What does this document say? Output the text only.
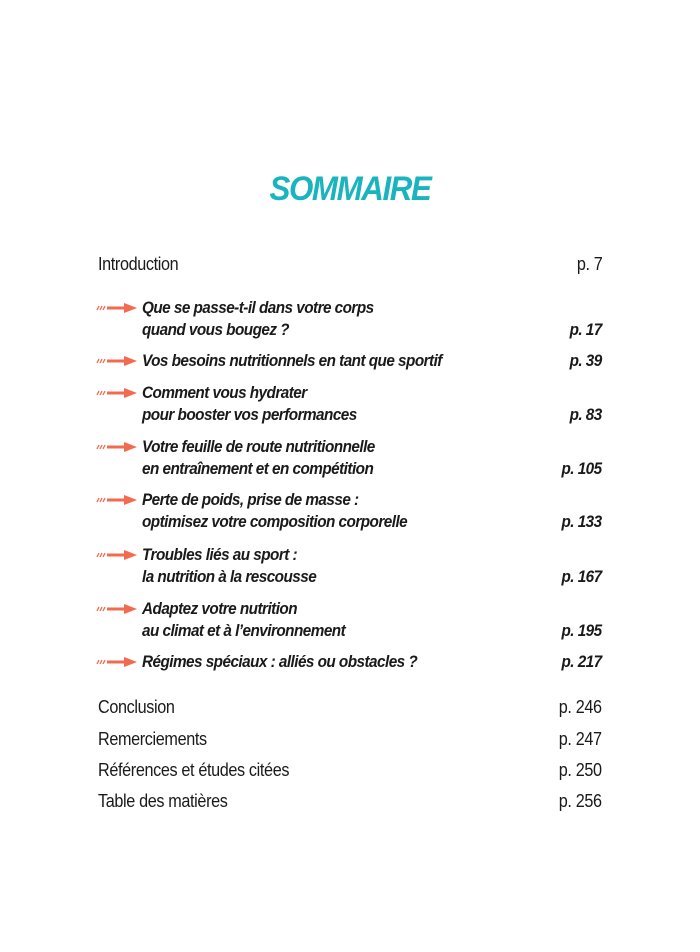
SOMMAIRE
Introduction	p. 7
Que se passe-t-il dans votre corps
quand vous bougez ?	p. 17
Vos besoins nutritionnels en tant que sportif	p. 39
Comment vous hydrater
pour booster vos performances	p. 83
Votre feuille de route nutritionnelle
en entraînement et en compétition	p. 105
Perte de poids, prise de masse :
optimisez votre composition corporelle	p. 133
Troubles liés au sport :
la nutrition à la rescousse	p. 167
Adaptez votre nutrition
au climat et à l’environnement	p. 195
Régimes spéciaux : alliés ou obstacles ?	p. 217
Conclusion	p. 246
Remerciements	p. 247
Références et études citées	p. 250
Table des matières	p. 256
